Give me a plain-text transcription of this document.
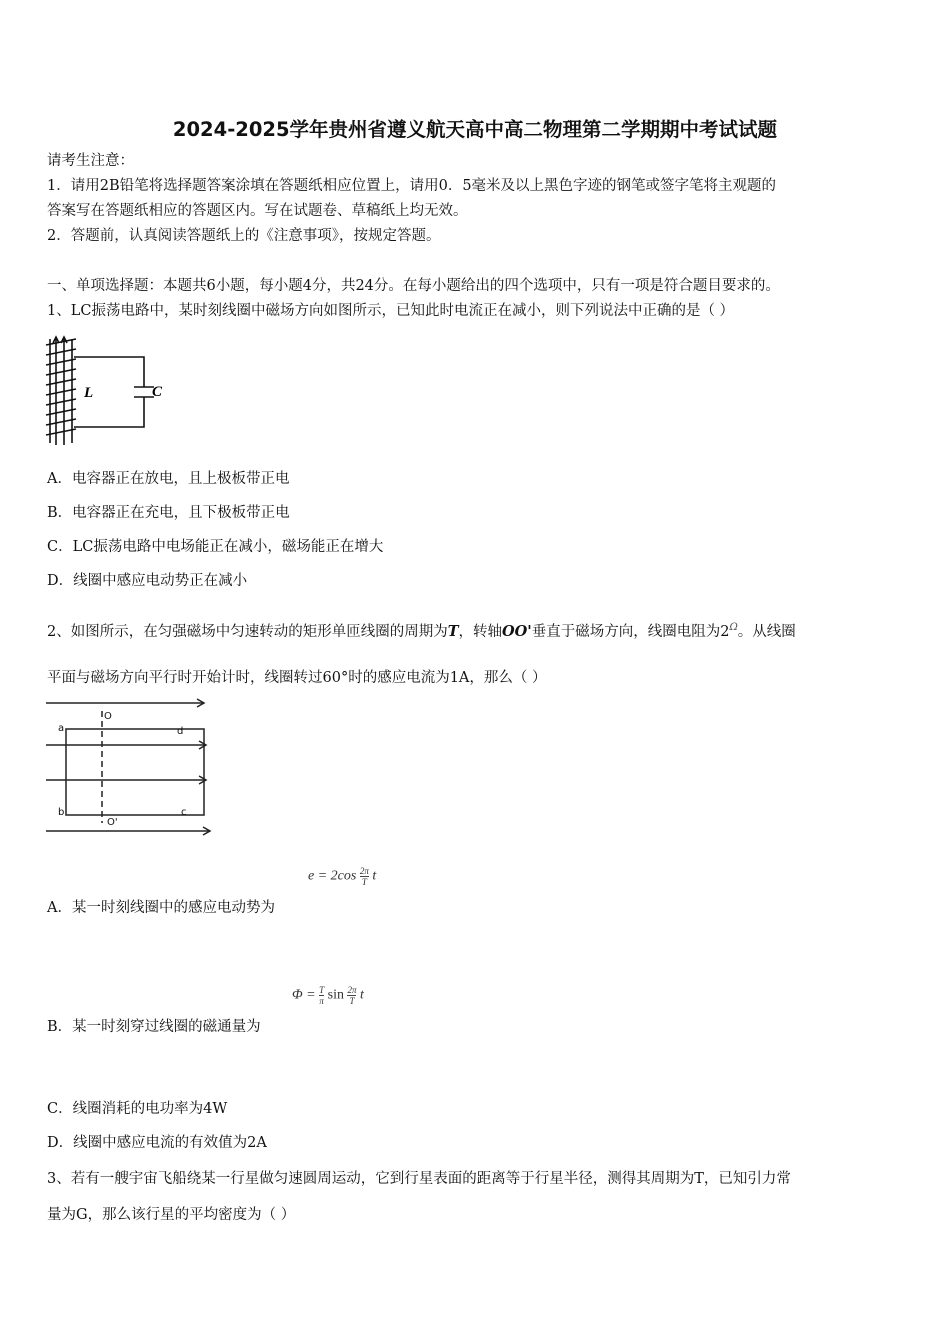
2024-2025学年贵州省遵义航天高中高二物理第二学期期中考试试题
请考生注意：
1．请用2B铅笔将选择题答案涂填在答题纸相应位置上，请用0．5毫米及以上黑色字迹的钢笔或签字笔将主观题的
答案写在答题纸相应的答题区内。写在试题卷、草稿纸上均无效。
2．答题前，认真阅读答题纸上的《注意事项》，按规定答题。
一、单项选择题：本题共6小题，每小题4分，共24分。在每小题给出的四个选项中，只有一项是符合题目要求的。
1、LC振荡电路中，某时刻线圈中磁场方向如图所示，已知此时电流正在减小，则下列说法中正确的是（ ）
L	C
A．电容器正在放电，且上极板带正电
B．电容器正在充电，且下极板带正电
C．LC振荡电路中电场能正在减小，磁场能正在增大
D．线圈中感应电动势正在减小
2、如图所示，在匀强磁场中匀速转动的矩形单匝线圈的周期为T，转轴OO'垂直于磁场方向，线圈电阻为$2^\Omega$。从线圈
平面与磁场方向平行时开始计时，线圈转过60°时的感应电流为1A，那么（ ）
a	d
b	c
O
O'
$e = 2\cos \frac{2\pi}{T}$ t
A．某一时刻线圈中的感应电动势为
$\Phi = \frac{T}{\pi}$ $\sin \frac{2\pi}{T}$ t
B．某一时刻穿过线圈的磁通量为
C．线圈消耗的电功率为4W
D．线圈中感应电流的有效值为2A
3、若有一艘宇宙飞船绕某一行星做匀速圆周运动，它到行星表面的距离等于行星半径，测得其周期为T，已知引力常
量为G，那么该行星的平均密度为（ ）
